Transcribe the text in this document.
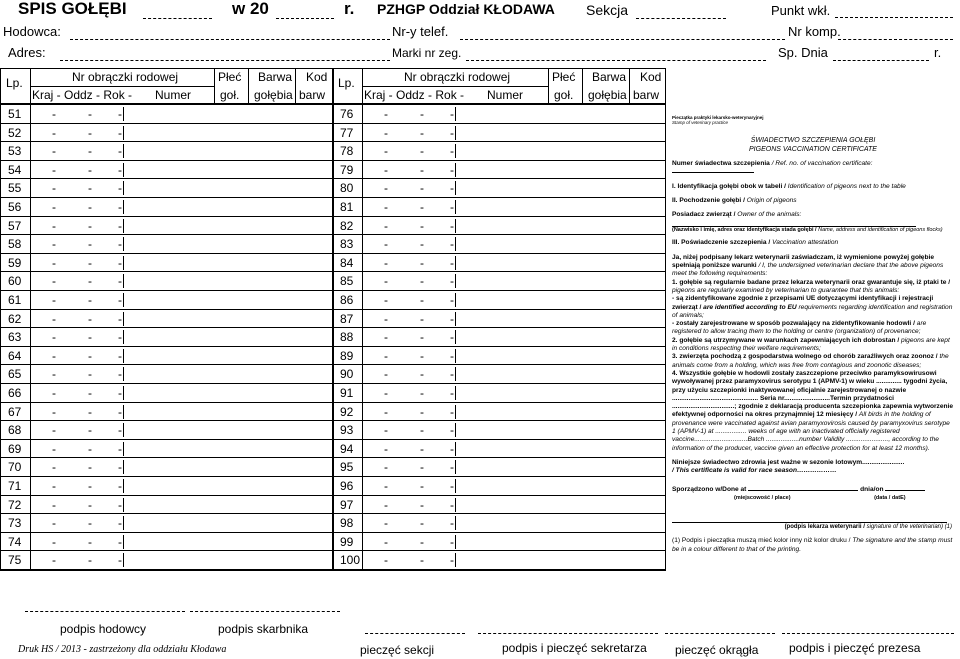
SPIS GOŁĘBI	w 20	r. PZHGP Oddział KŁODAWA Sekcja	Punkt wkł.
Hodowca:	Nr-y telef.	Nr komp.
Adres:	Marki nr zeg.	Sp. Dnia	r.
Lp.	Nr obrączki rodowej
Kraj - Oddz - Rok - Numer
Płeć
goł.
Barwa
gołębia
Kod
barw
51	-	- -
52	-	- -
53	-	- -
54	-	- -
55	-	- -
56	-	- -
57	-	- -
58	-	- -
59	-	- -
60	-	- -
61	-	- -
62	-	- -
63	-	- -
64	-	- -
65	-	- -
66	-	- -
67	-	- -
68	-	- -
69	-	- -
70	-	- -
71	-	- -
72	-	- -
73	-	- -
74	-	- -
75	-	- -
Lp.	Nr obrączki rodowej
Kraj - Oddz - Rok - Numer
Płeć
goł.
Barwa
gołębia
Kod
barw
76	-	- -
77	-	- -
78	-	- -
79	-	- -
80	-	- -
81	-	- -
82	-	- -
83	-	- -
84	-	- -
85	-	- -
86	-	- -
87	-	- -
88	-	- -
89	-	- -
90	-	- -
91	-	- -
92	-	- -
93	-	- -
94	-	- -
95	-	- -
96	-	- -
97	-	- -
98	-	- -
99	-	- -
100 -	- -
Pieczątka praktyki lekarsko-weterynaryjnej
Stamp of veterinary practice
ŚWIADECTWO SZCZEPIENIA GOŁĘBI
PIGEONS VACCINATION CERTIFICATE
Numer świadectwa szczepienia / Ref. no. of vaccination certificate:
I. Identyfikacja gołębi obok w tabeli / Identification of pigeons next to the table
II. Pochodzenie gołębi / Origin of pigeons
Posiadacz zwierząt / Owner of the animals:
(Nazwisko i imię, adres oraz identyfikacja stada gołębi / Name, address and identification of pigeons flocks)
III. Poświadczenie szczepienia / Vaccination attestation
Ja, niżej podpisany lekarz weterynarii zaświadczam, iż wymienione powyżej gołębie spełniają poniższe warunki / I, the undersigned veterinarian declare that the above pigeons meet the following requirements:
1. gołębie są regularnie badane przez lekarza weterynarii oraz gwarantuje się, iż ptaki te / pigeons are regularly examined by veterinarian to guarantee that this animals:
- są zidentyfikowane zgodnie z przepisami UE dotyczącymi identyfikacji i rejestracji zwierząt / are identified according to EU requirements regarding identification and registration of animals;
- zostały zarejestrowane w sposób pozwalający na zidentyfikowanie hodowli / are registered to allow tracing them to the holding or centre (organization) of provenance;
2. gołębie są utrzymywane w warunkach zapewniających ich dobrostan / pigeons are kept in conditions respecting their welfare requirements;
3. zwierzęta pochodzą z gospodarstwa wolnego od chorób zaraźliwych oraz zoonoz / the animals come from a holding, which was free from contagious and zoonotic diseases;
4. Wszystkie gołębie w hodowli zostały zaszczepione przeciwko paramyksowirusowi wywoływanej przez paramyxovirus serotypu 1 (APMV-1) w wieku .............. tygodni życia, przy użyciu szczepionki inaktywowanej oficjalnie zarejestrowanej o nazwie ............................................... Seria nr.........................Termin przydatności ..................................; zgodnie z deklaracją producenta szczepionka zapewnia wytworzenie efektywnej odporności na okres przynajmniej 12 miesięcy / All birds in the holding of provenance were vaccinated against avian paramyxovirosis caused by paramyxovirus serotype 1 (APMV-1) at ................. weeks of age with an inactivated officially registered vaccine.............................Batch ..................number Validity ......................., according to the information of the producer, vaccine given an effective protection for at least 12 months).
Niniejsze świadectwo zdrowia jest ważne w sezonie lotowym.......................
/ This certificate is valid for race season………………
Sporządzono w/Done at	dnia/on
(miejscowość / place)	(data / datE)
(podpis lekarza weterynarii / signature of the veterinarian) (1)
(1) Podpis i pieczątka muszą mieć kolor inny niż kolor druku / The signature and the stamp must be in a colour different to that of the printing.
podpis hodowcy	podpis skarbnika
Druk HS / 2013 - zastrzeżony dla oddziału Kłodawa	pieczęć sekcji	podpis i pieczęć sekretarza pieczęć okrągła	podpis i pieczęć prezesa
